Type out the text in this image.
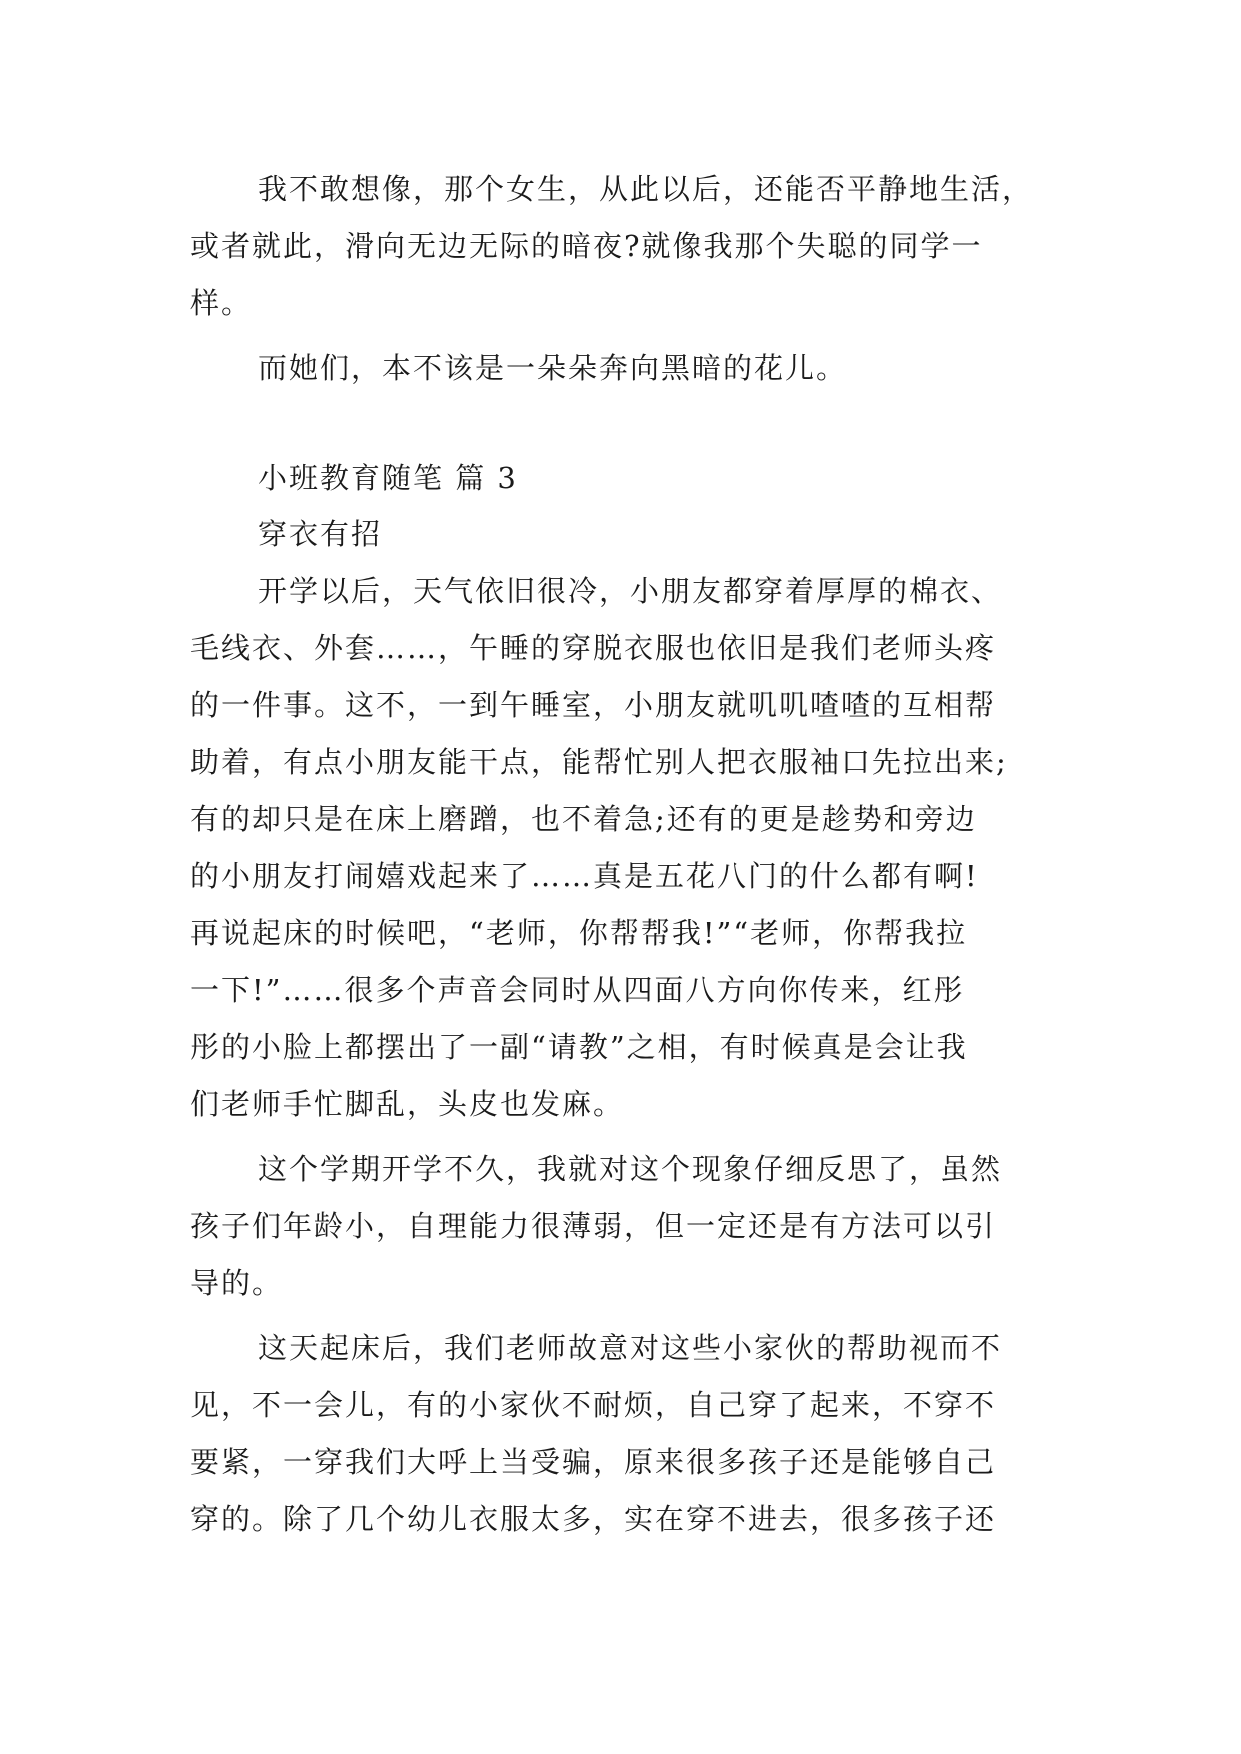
我不敢想像，那个女生，从此以后，还能否平静地生活，
或者就此，滑向无边无际的暗夜?就像我那个失聪的同学一
样。
而她们，本不该是一朵朵奔向黑暗的花儿。
小班教育随笔 篇 3
穿衣有招
开学以后，天气依旧很冷，小朋友都穿着厚厚的棉衣、
毛线衣、外套……，午睡的穿脱衣服也依旧是我们老师头疼
的一件事。这不，一到午睡室，小朋友就叽叽喳喳的互相帮
助着，有点小朋友能干点，能帮忙别人把衣服袖口先拉出来;
有的却只是在床上磨蹭，也不着急;还有的更是趁势和旁边
的小朋友打闹嬉戏起来了……真是五花八门的什么都有啊!
再说起床的时候吧，“老师，你帮帮我!”“老师，你帮我拉
一下!”……很多个声音会同时从四面八方向你传来，红彤
彤的小脸上都摆出了一副“请教”之相，有时候真是会让我
们老师手忙脚乱，头皮也发麻。
这个学期开学不久，我就对这个现象仔细反思了，虽然
孩子们年龄小，自理能力很薄弱，但一定还是有方法可以引
导的。
这天起床后，我们老师故意对这些小家伙的帮助视而不
见，不一会儿，有的小家伙不耐烦，自己穿了起来，不穿不
要紧，一穿我们大呼上当受骗，原来很多孩子还是能够自己
穿的。除了几个幼儿衣服太多，实在穿不进去，很多孩子还
